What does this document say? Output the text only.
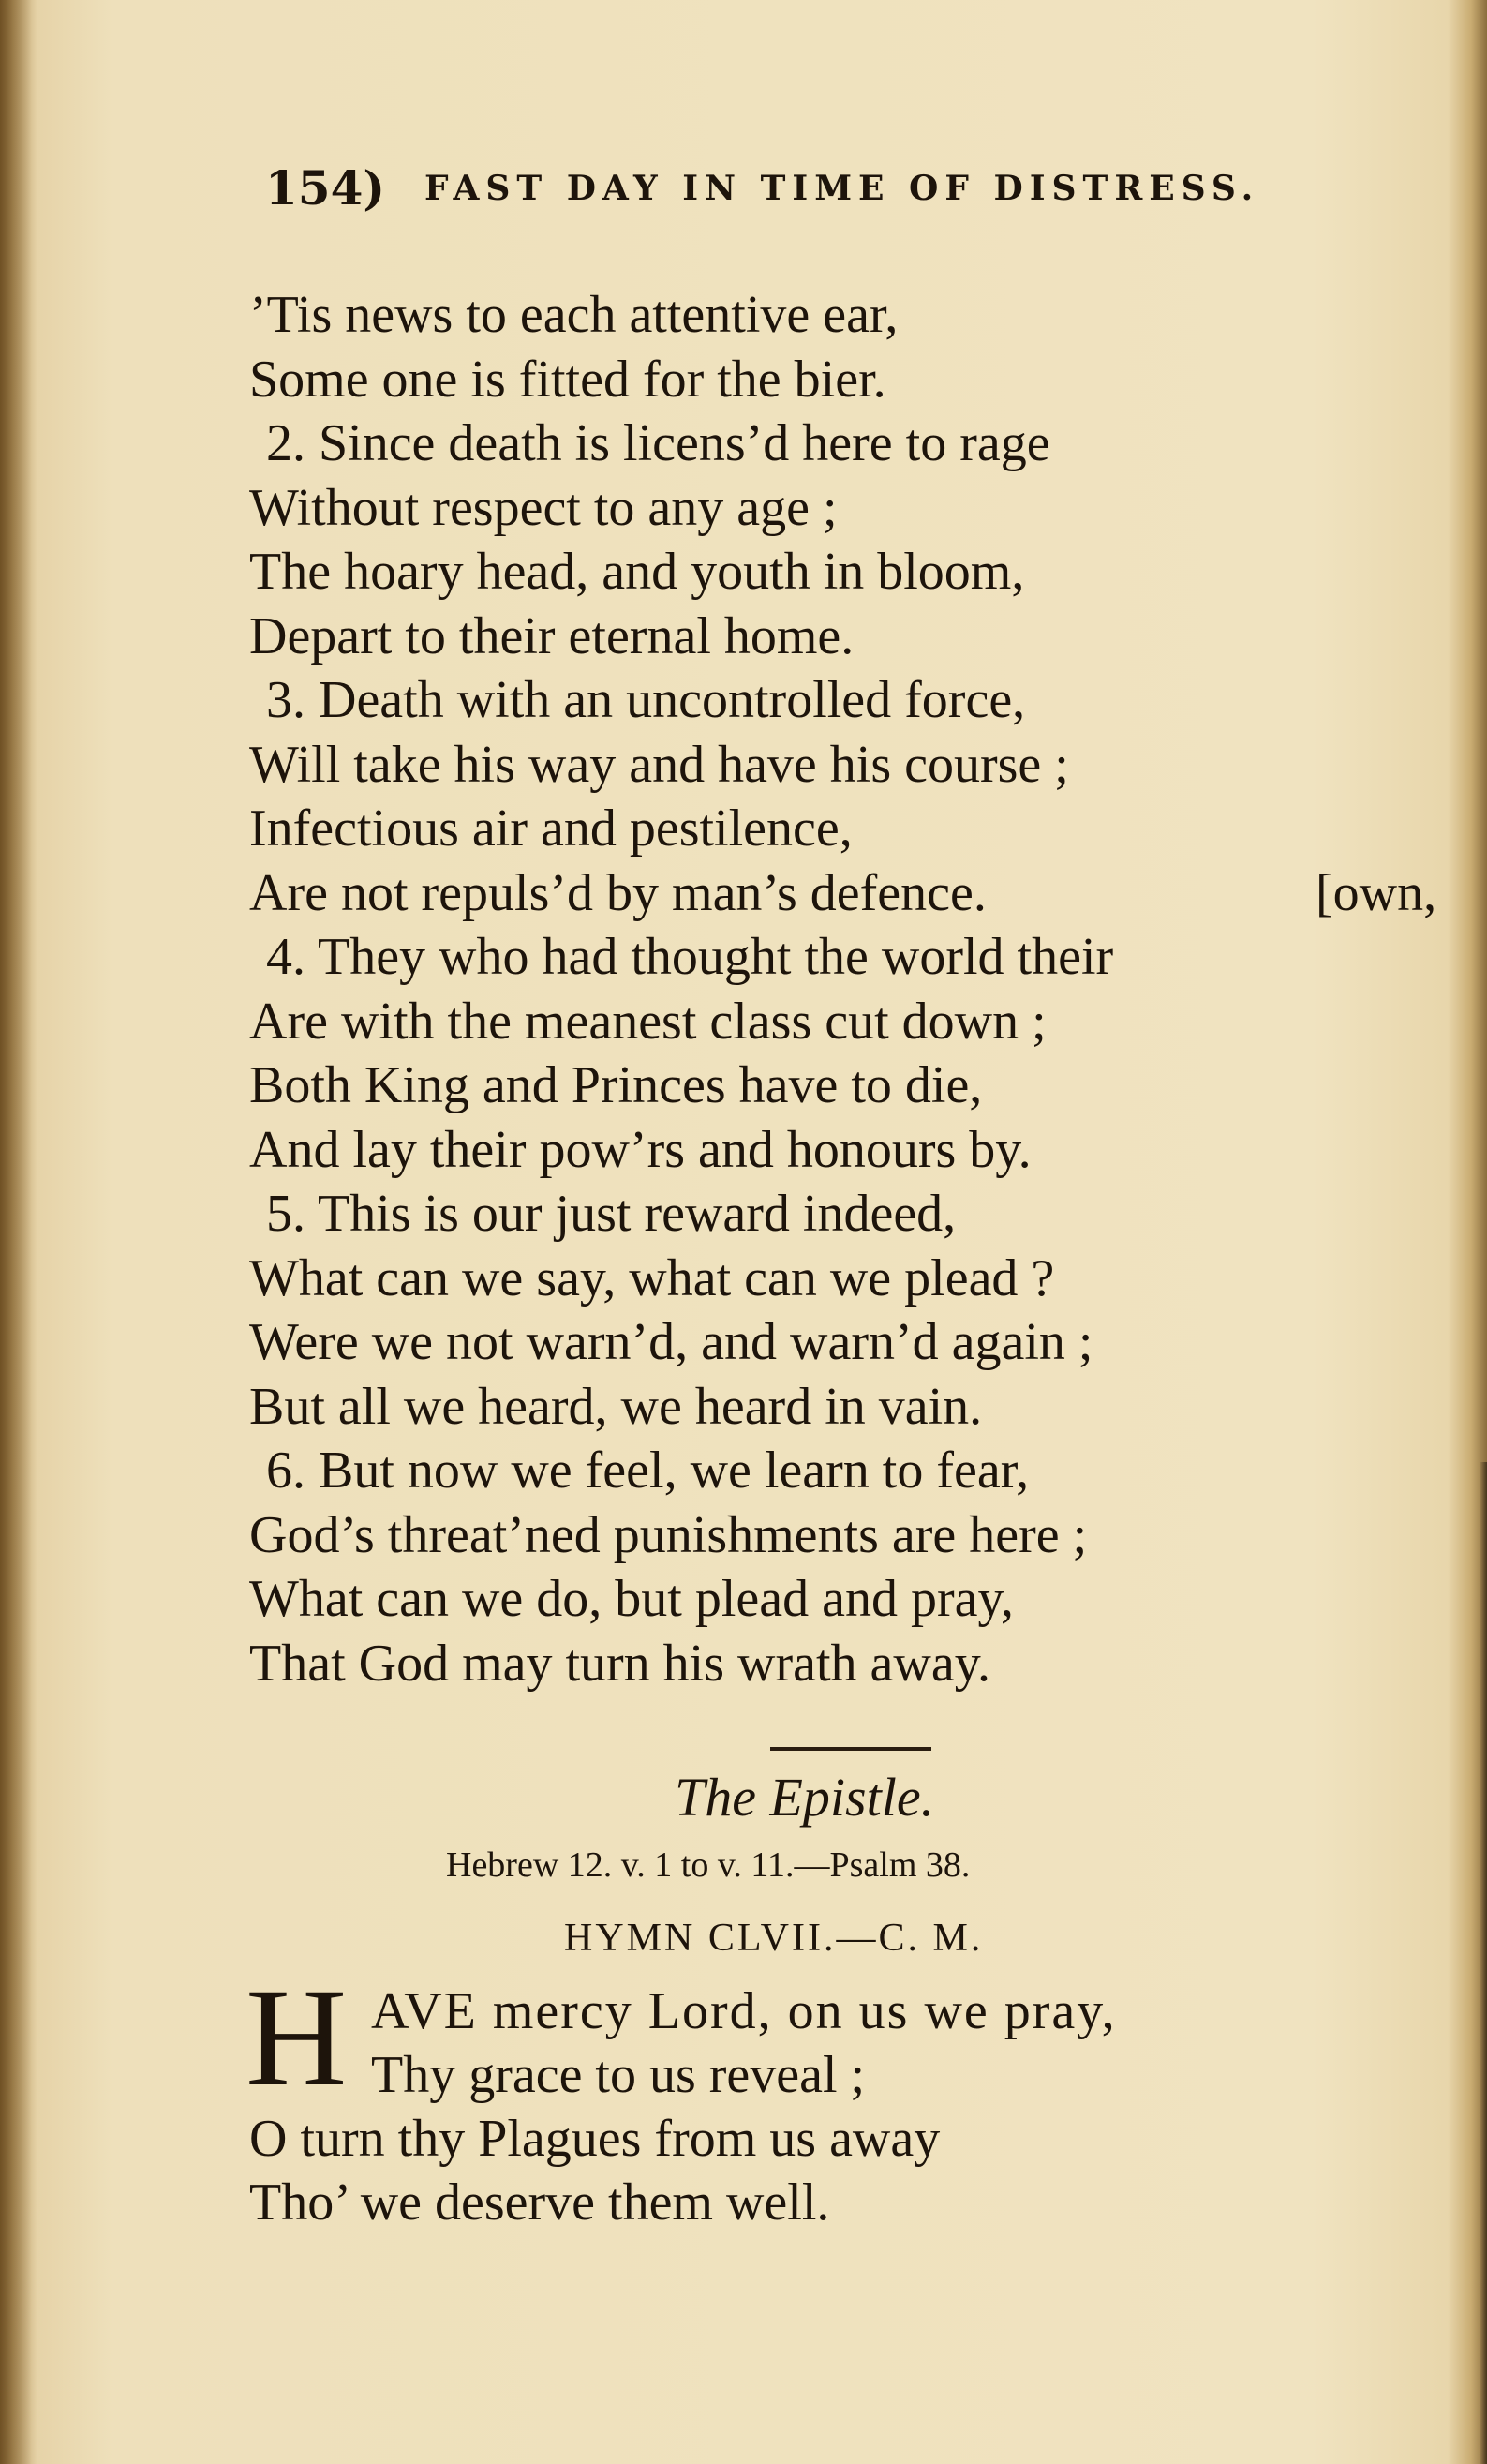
154) FAST DAY IN TIME OF DISTRESS.
’Tis news to each attentive ear,
Some one is fitted for the bier.
2. Since death is licens’d here to rage
Without respect to any age ;
The hoary head, and youth in bloom,
Depart to their eternal home.
3. Death with an uncontrolled force,
Will take his way and have his course ;
Infectious air and pestilence,
Are not repuls’d by man’s defence.	[own,
4. They who had thought the world their
Are with the meanest class cut down ;
Both King and Princes have to die,
And lay their pow’rs and honours by.
5. This is our just reward indeed,
What can we say, what can we plead ?
Were we not warn’d, and warn’d again ;
But all we heard, we heard in vain.
6. But now we feel, we learn to fear,
God’s threat’ned punishments are here ;
What can we do, but plead and pray,
That God may turn his wrath away.
The Epistle.
Hebrew 12. v. 1 to v. 11.—Psalm 38.
HYMN CLVII.—C. M.
H AVE mercy Lord, on us we pray,
Thy grace to us reveal ;
O turn thy Plagues from us away
Tho’ we deserve them well.
